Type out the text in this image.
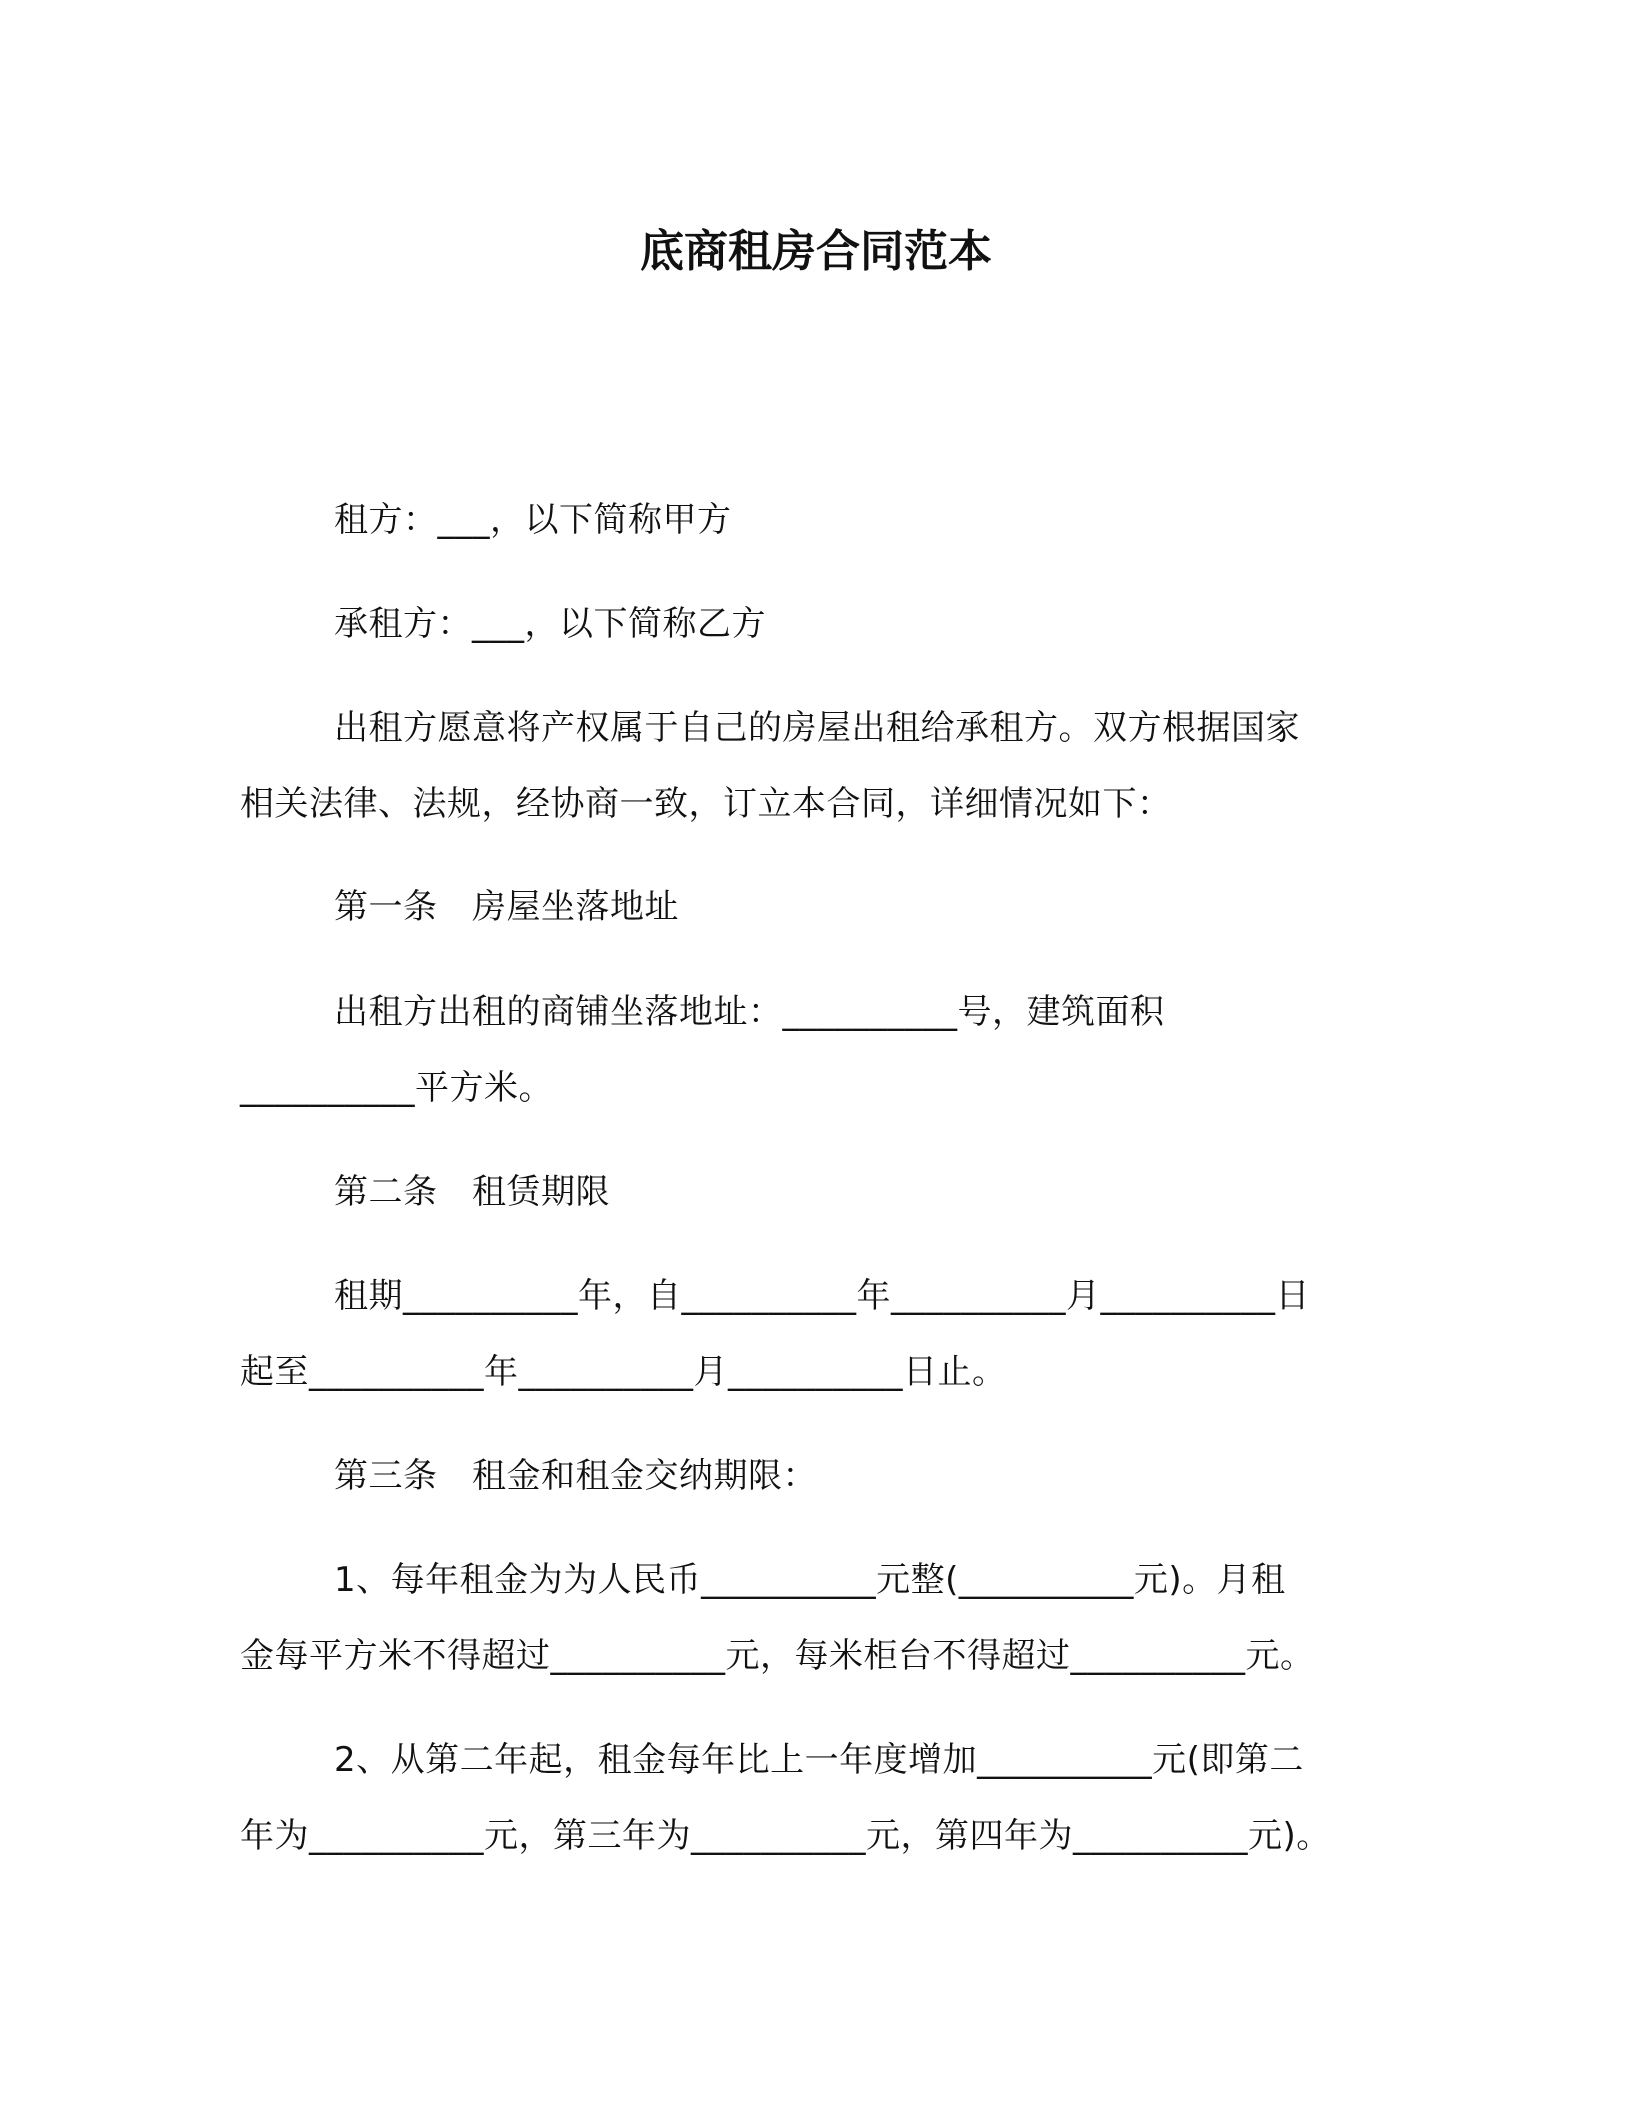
底商租房合同范本
租方：___，以下简称甲方
承租方：___，以下简称乙方
出租方愿意将产权属于自己的房屋出租给承租方。双方根据国家
相关法律、法规，经协商一致，订立本合同，详细情况如下：
第一条　房屋坐落地址
出租方出租的商铺坐落地址：__________号，建筑面积
__________平方米。
第二条　租赁期限
租期__________年，自__________年__________月__________日
起至__________年__________月__________日止。
第三条　租金和租金交纳期限：
1、每年租金为为人民币__________元整(__________元)。月租
金每平方米不得超过__________元，每米柜台不得超过__________元。
2、从第二年起，租金每年比上一年度增加__________元(即第二
年为__________元，第三年为__________元，第四年为__________元)。
